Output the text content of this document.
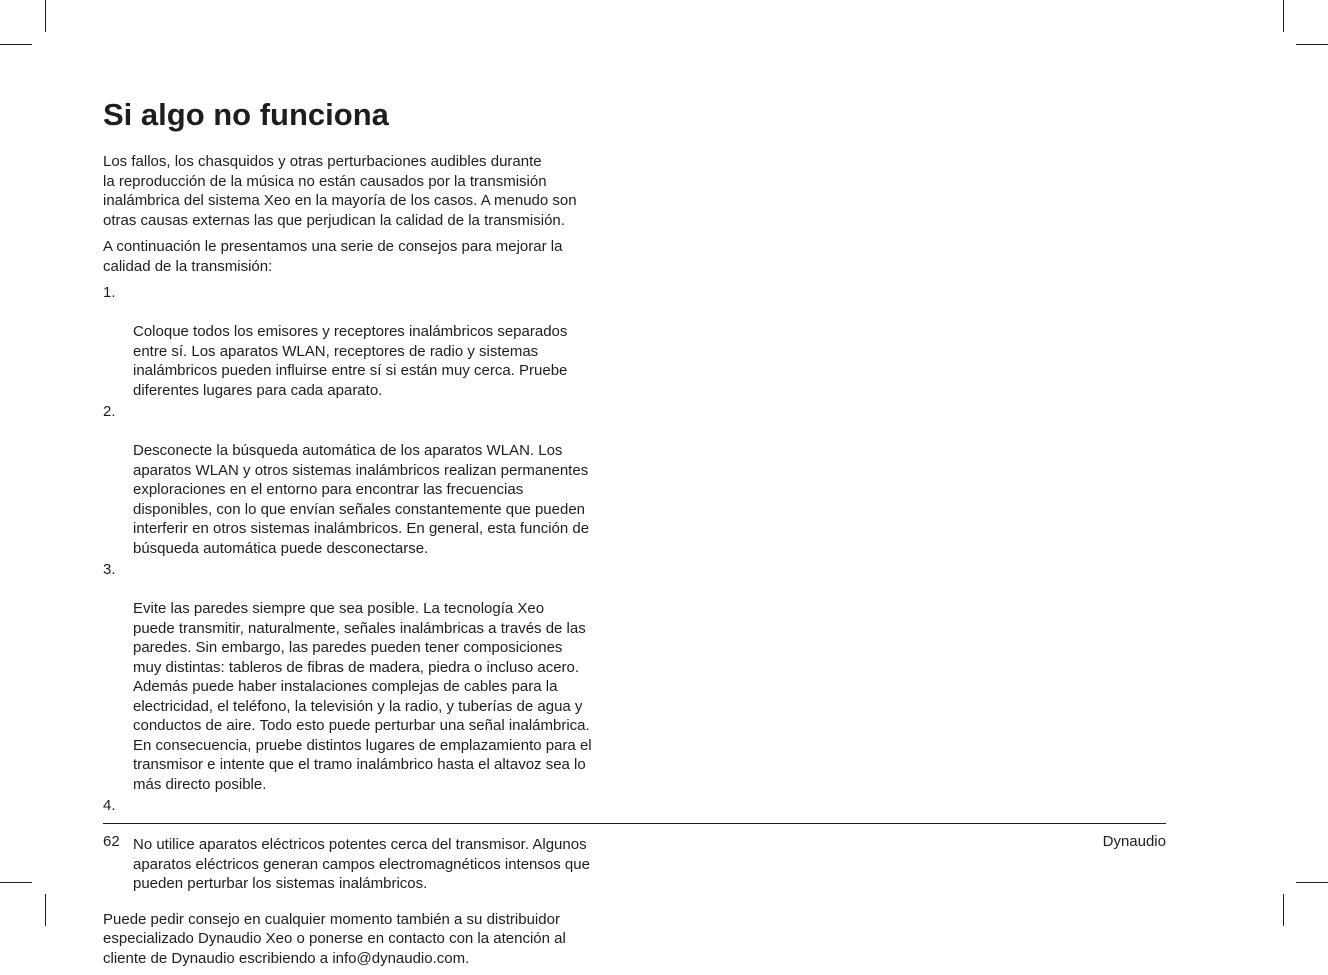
Si algo no funciona

Los fallos, los chasquidos y otras perturbaciones audibles durante
la reproducción de la música no están causados por la transmisión
inalámbrica del sistema Xeo en la mayoría de los casos. A menudo son
otras causas externas las que perjudican la calidad de la transmisión.

A continuación le presentamos una serie de consejos para mejorar la
calidad de la transmisión:

1.

Coloque todos los emisores y receptores inalámbricos separados
entre sí. Los aparatos WLAN, receptores de radio y sistemas
inalámbricos pueden influirse entre sí si están muy cerca. Pruebe
diferentes lugares para cada aparato.

2.

Desconecte la búsqueda automática de los aparatos WLAN. Los
aparatos WLAN y otros sistemas inalámbricos realizan permanentes
exploraciones en el entorno para encontrar las frecuencias
disponibles, con lo que envían señales constantemente que pueden
interferir en otros sistemas inalámbricos. En general, esta función de
búsqueda automática puede desconectarse.

3.

Evite las paredes siempre que sea posible. La tecnología Xeo
puede transmitir, naturalmente, señales inalámbricas a través de las
paredes. Sin embargo, las paredes pueden tener composiciones
muy distintas: tableros de fibras de madera, piedra o incluso acero.
Además puede haber instalaciones complejas de cables para la
electricidad, el teléfono, la televisión y la radio, y tuberías de agua y
conductos de aire. Todo esto puede perturbar una señal inalámbrica.
En consecuencia, pruebe distintos lugares de emplazamiento para el
transmisor e intente que el tramo inalámbrico hasta el altavoz sea lo
más directo posible.

4.

No utilice aparatos eléctricos potentes cerca del transmisor. Algunos
aparatos eléctricos generan campos electromagnéticos intensos que
pueden perturbar los sistemas inalámbricos.

Puede pedir consejo en cualquier momento también a su distribuidor
especializado Dynaudio Xeo o ponerse en contacto con la atención al
cliente de Dynaudio escribiendo a info@dynaudio.com.

62	Dynaudio
